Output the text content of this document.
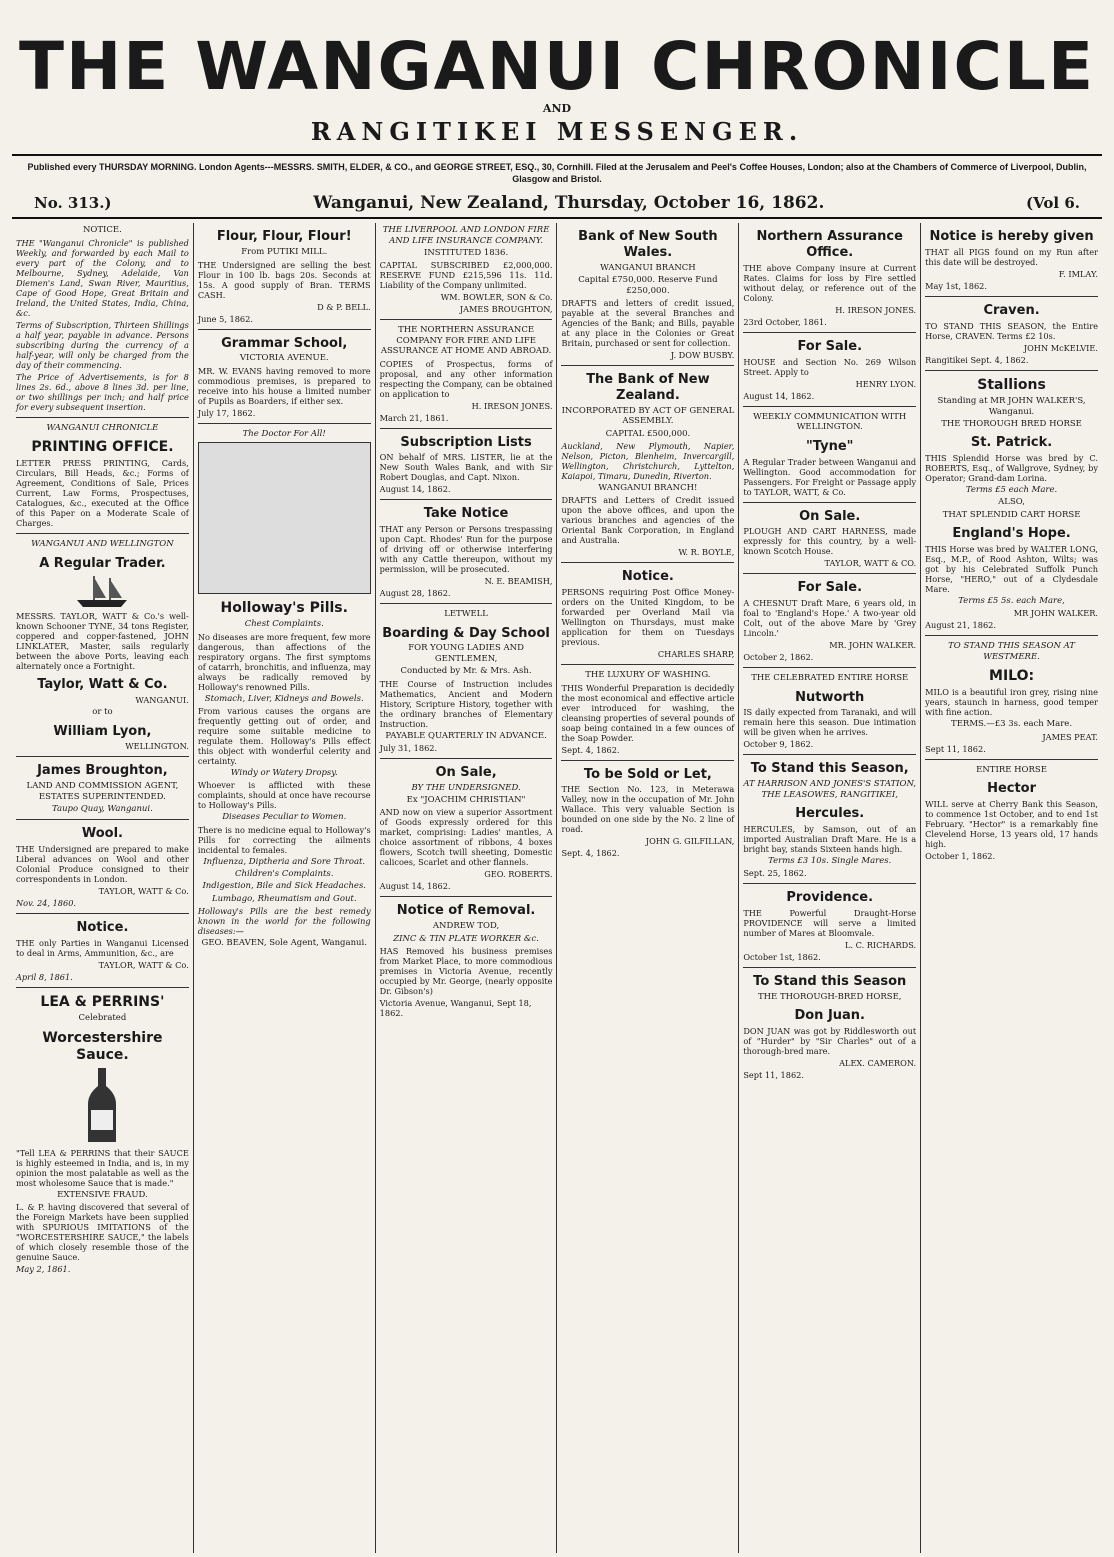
THE WANGANUI CHRONICLE
AND
RANGITIKEI MESSENGER.
Published every THURSDAY MORNING. London Agents---MESSRS. SMITH, ELDER, & CO., and GEORGE STREET, ESQ., 30, Cornhill. Filed at the Jerusalem and Peel's Coffee Houses, London; also at the Chambers of Commerce of Liverpool, Dublin, Glasgow and Bristol.
No. 313.)	Wanganui, New Zealand, Thursday, October 16, 1862.	(Vol 6.
NOTICE.

THE "Wanganui Chronicle" is published Weekly, and forwarded by each Mail to every part of the Colony, and to Melbourne, Sydney, Adelaide, Van Diemen's Land, Swan River, Mauritius, Cape of Good Hope, Great Britain and Ireland, the United States, India, China, &c.

Terms of Subscription, Thirteen Shillings a half year, payable in advance. Persons subscribing during the currency of a half-year, will only be charged from the day of their commencing.

The Price of Advertisements, is for 8 lines 2s. 6d., above 8 lines 3d. per line, or two shillings per inch; and half price for every subsequent insertion.

WANGANUI CHRONICLE
PRINTING OFFICE.

LETTER PRESS PRINTING, Cards, Circulars, Bill Heads, &c.; Forms of Agreement, Conditions of Sale, Prices Current, Law Forms, Prospectuses, Catalogues, &c., executed at the Office of this Paper on a Moderate Scale of Charges.

WANGANUI AND WELLINGTON
A Regular Trader.

MESSRS. TAYLOR, WATT & Co.'s well-known Schooner TYNE, 34 tons Register, coppered and copper-fastened, JOHN LINKLATER, Master, sails regularly between the above Ports, leaving each alternately once a Fortnight.

Taylor, Watt & Co.
WANGANUI.
or to
William Lyon,
WELLINGTON.
James Broughton,
LAND AND COMMISSION AGENT, ESTATES SUPERINTENDED.
Taupo Quay, Wanganui.
Wool.

THE Undersigned are prepared to make Liberal advances on Wool and other Colonial Produce consigned to their correspondents in London.

TAYLOR, WATT & Co.
Nov. 24, 1860.
Notice.

THE only Parties in Wanganui Licensed to deal in Arms, Ammunition, &c., are

TAYLOR, WATT & Co.
April 8, 1861.
LEA & PERRINS'
Celebrated
Worcestershire Sauce.

"Tell LEA & PERRINS that their SAUCE is highly esteemed in India, and is, in my opinion the most palatable as well as the most wholesome Sauce that is made."

EXTENSIVE FRAUD.

L. & P. having discovered that several of the Foreign Markets have been supplied with SPURIOUS IMITATIONS of the "WORCESTERSHIRE SAUCE," the labels of which closely resemble those of the genuine Sauce.

May 2, 1861.
Flour, Flour, Flour!
From PUTIKI MILL.

THE Undersigned are selling the best Flour in 100 lb. bags 20s. Seconds at 15s. A good supply of Bran. TERMS CASH.

D & P. BELL.
June 5, 1862.
Grammar School,
VICTORIA AVENUE.

MR. W. EVANS having removed to more commodious premises, is prepared to receive into his house a limited number of Pupils as Boarders, if either sex.

July 17, 1862.
The Doctor For All!
Holloway's Pills.
Chest Complaints.

No diseases are more frequent, few more dangerous, than affections of the respiratory organs. The first symptoms of catarrh, bronchitis, and influenza, may always be radically removed by Holloway's renowned Pills.

Stomach, Liver, Kidneys and Bowels.

From various causes the organs are frequently getting out of order, and require some suitable medicine to regulate them. Holloway's Pills effect this object with wonderful celerity and certainty.

Windy or Watery Dropsy.

Whoever is afflicted with these complaints, should at once have recourse to Holloway's Pills.

Diseases Peculiar to Women.

There is no medicine equal to Holloway's Pills for correcting the ailments incidental to females.

Influenza, Diptheria and Sore Throat.
Children's Complaints.
Indigestion, Bile and Sick Headaches.
Lumbago, Rheumatism and Gout.

Holloway's Pills are the best remedy known in the world for the following diseases:—

GEO. BEAVEN, Sole Agent, Wanganui.
THE LIVERPOOL AND LONDON FIRE AND LIFE INSURANCE COMPANY.
INSTITUTED 1836.

CAPITAL SUBSCRIBED £2,000,000. RESERVE FUND £215,596 11s. 11d. Liability of the Company unlimited.

WM. BOWLER, SON & Co.
JAMES BROUGHTON,
THE NORTHERN ASSURANCE COMPANY FOR FIRE AND LIFE ASSURANCE AT HOME AND ABROAD.

COPIES of Prospectus, forms of proposal, and any other information respecting the Company, can be obtained on application to

H. IRESON JONES.
March 21, 1861.
Subscription Lists

ON behalf of MRS. LISTER, lie at the New South Wales Bank, and with Sir Robert Douglas, and Capt. Nixon.

August 14, 1862.
Take Notice

THAT any Person or Persons trespassing upon Capt. Rhodes' Run for the purpose of driving off or otherwise interfering with any Cattle thereupon, without my permission, will be prosecuted.

N. E. BEAMISH,
August 28, 1862.
LETWELL
Boarding & Day School
FOR YOUNG LADIES AND GENTLEMEN,
Conducted by Mr. & Mrs. Ash.

THE Course of Instruction includes Mathematics, Ancient and Modern History, Scripture History, together with the ordinary branches of Elementary Instruction.

PAYABLE QUARTERLY IN ADVANCE.
July 31, 1862.
On Sale,
BY THE UNDERSIGNED.
Ex "JOACHIM CHRISTIAN"

AND now on view a superior Assortment of Goods expressly ordered for this market, comprising: Ladies' mantles, A choice assortment of ribbons, 4 boxes flowers, Scotch twill sheeting, Domestic calicoes, Scarlet and other flannels.

GEO. ROBERTS.
August 14, 1862.
Notice of Removal.
ANDREW TOD,
ZINC & TIN PLATE WORKER &c.

HAS Removed his business premises from Market Place, to more commodious premises in Victoria Avenue, recently occupied by Mr. George, (nearly opposite Dr. Gibson's)

Victoria Avenue, Wanganui, Sept 18, 1862.
Bank of New South Wales.
WANGANUI BRANCH
Capital £750,000. Reserve Fund £250,000.

DRAFTS and letters of credit issued, payable at the several Branches and Agencies of the Bank; and Bills, payable at any place in the Colonies or Great Britain, purchased or sent for collection.

J. DOW BUSBY.
The Bank of New Zealand.
INCORPORATED BY ACT OF GENERAL ASSEMBLY.
CAPITAL £500,000.

Auckland, New Plymouth, Napier, Nelson, Picton, Blenheim, Invercargill, Wellington, Christchurch, Lyttelton, Kaiapoi, Timaru, Dunedin, Riverton.

WANGANUI BRANCH!

DRAFTS and Letters of Credit issued upon the above offices, and upon the various branches and agencies of the Oriental Bank Corporation, in England and Australia.

W. R. BOYLE,
Notice.

PERSONS requiring Post Office Money-orders on the United Kingdom, to be forwarded per Overland Mail via Wellington on Thursdays, must make application for them on Tuesdays previous.

CHARLES SHARP,
THE LUXURY OF WASHING.

THIS Wonderful Preparation is decidedly the most economical and effective article ever introduced for washing, the cleansing properties of several pounds of soap being contained in a few ounces of the Soap Powder.

Sept. 4, 1862.
To be Sold or Let,

THE Section No. 123, in Meterawa Valley, now in the occupation of Mr. John Wallace. This very valuable Section is bounded on one side by the No. 2 line of road.

JOHN G. GILFILLAN,
Sept. 4, 1862.
Northern Assurance Office.

THE above Company insure at Current Rates. Claims for loss by Fire settled without delay, or reference out of the Colony.

H. IRESON JONES.
23rd October, 1861.
For Sale.

HOUSE and Section No. 269 Wilson Street. Apply to

HENRY LYON.
August 14, 1862.
WEEKLY COMMUNICATION WITH WELLINGTON.
"Tyne"

A Regular Trader between Wanganui and Wellington. Good accommodation for Passengers. For Freight or Passage apply to TAYLOR, WATT, & Co.

On Sale.

PLOUGH AND CART HARNESS, made expressly for this country, by a well-known Scotch House.

TAYLOR, WATT & CO.
For Sale.

A CHESNUT Draft Mare, 6 years old, in foal to 'England's Hope.' A two-year old Colt, out of the above Mare by 'Grey Lincoln.'

MR. JOHN WALKER.
October 2, 1862.
THE CELEBRATED ENTIRE HORSE
Nutworth

IS daily expected from Taranaki, and will remain here this season. Due intimation will be given when he arrives.

October 9, 1862.
To Stand this Season,
AT HARRISON AND JONES'S STATION, THE LEASOWES, RANGITIKEI,
Hercules.

HERCULES, by Samson, out of an imported Australian Draft Mare. He is a bright bay, stands Sixteen hands high.

Terms £3 10s. Single Mares.
Sept. 25, 1862.
Providence.

THE Powerful Draught-Horse PROVIDENCE will serve a limited number of Mares at Bloomvale.

L. C. RICHARDS.
October 1st, 1862.
To Stand this Season
THE THOROUGH-BRED HORSE,
Don Juan.

DON JUAN was got by Riddlesworth out of "Hurder" by "Sir Charles" out of a thorough-bred mare.

ALEX. CAMERON.
Sept 11, 1862.
Notice is hereby given

THAT all PIGS found on my Run after this date will be destroyed.

F. IMLAY.
May 1st, 1862.
Craven.

TO STAND THIS SEASON, the Entire Horse, CRAVEN. Terms £2 10s.

JOHN McKELVIE.
Rangitikei Sept. 4, 1862.
Stallions
Standing at MR JOHN WALKER'S, Wanganui.
THE THOROUGH BRED HORSE
St. Patrick.

THIS Splendid Horse was bred by C. ROBERTS, Esq., of Wallgrove, Sydney, by Operator; Grand-dam Lorina.

Terms £5 each Mare.
ALSO,
THAT SPLENDID CART HORSE
England's Hope.

THIS Horse was bred by WALTER LONG, Esq., M.P., of Rood Ashton, Wilts; was got by his Celebrated Suffolk Punch Horse, "HERO," out of a Clydesdale Mare.

Terms £5 5s. each Mare,
MR JOHN WALKER.
August 21, 1862.
TO STAND THIS SEASON AT WESTMERE.
MILO:

MILO is a beautiful iron grey, rising nine years, staunch in harness, good temper with fine action.

TERMS.—£3 3s. each Mare.
JAMES PEAT.
Sept 11, 1862.
ENTIRE HORSE
Hector

WILL serve at Cherry Bank this Season, to commence 1st October, and to end 1st February. "Hector" is a remarkably fine Clevelend Horse, 13 years old, 17 hands high.

October 1, 1862.
